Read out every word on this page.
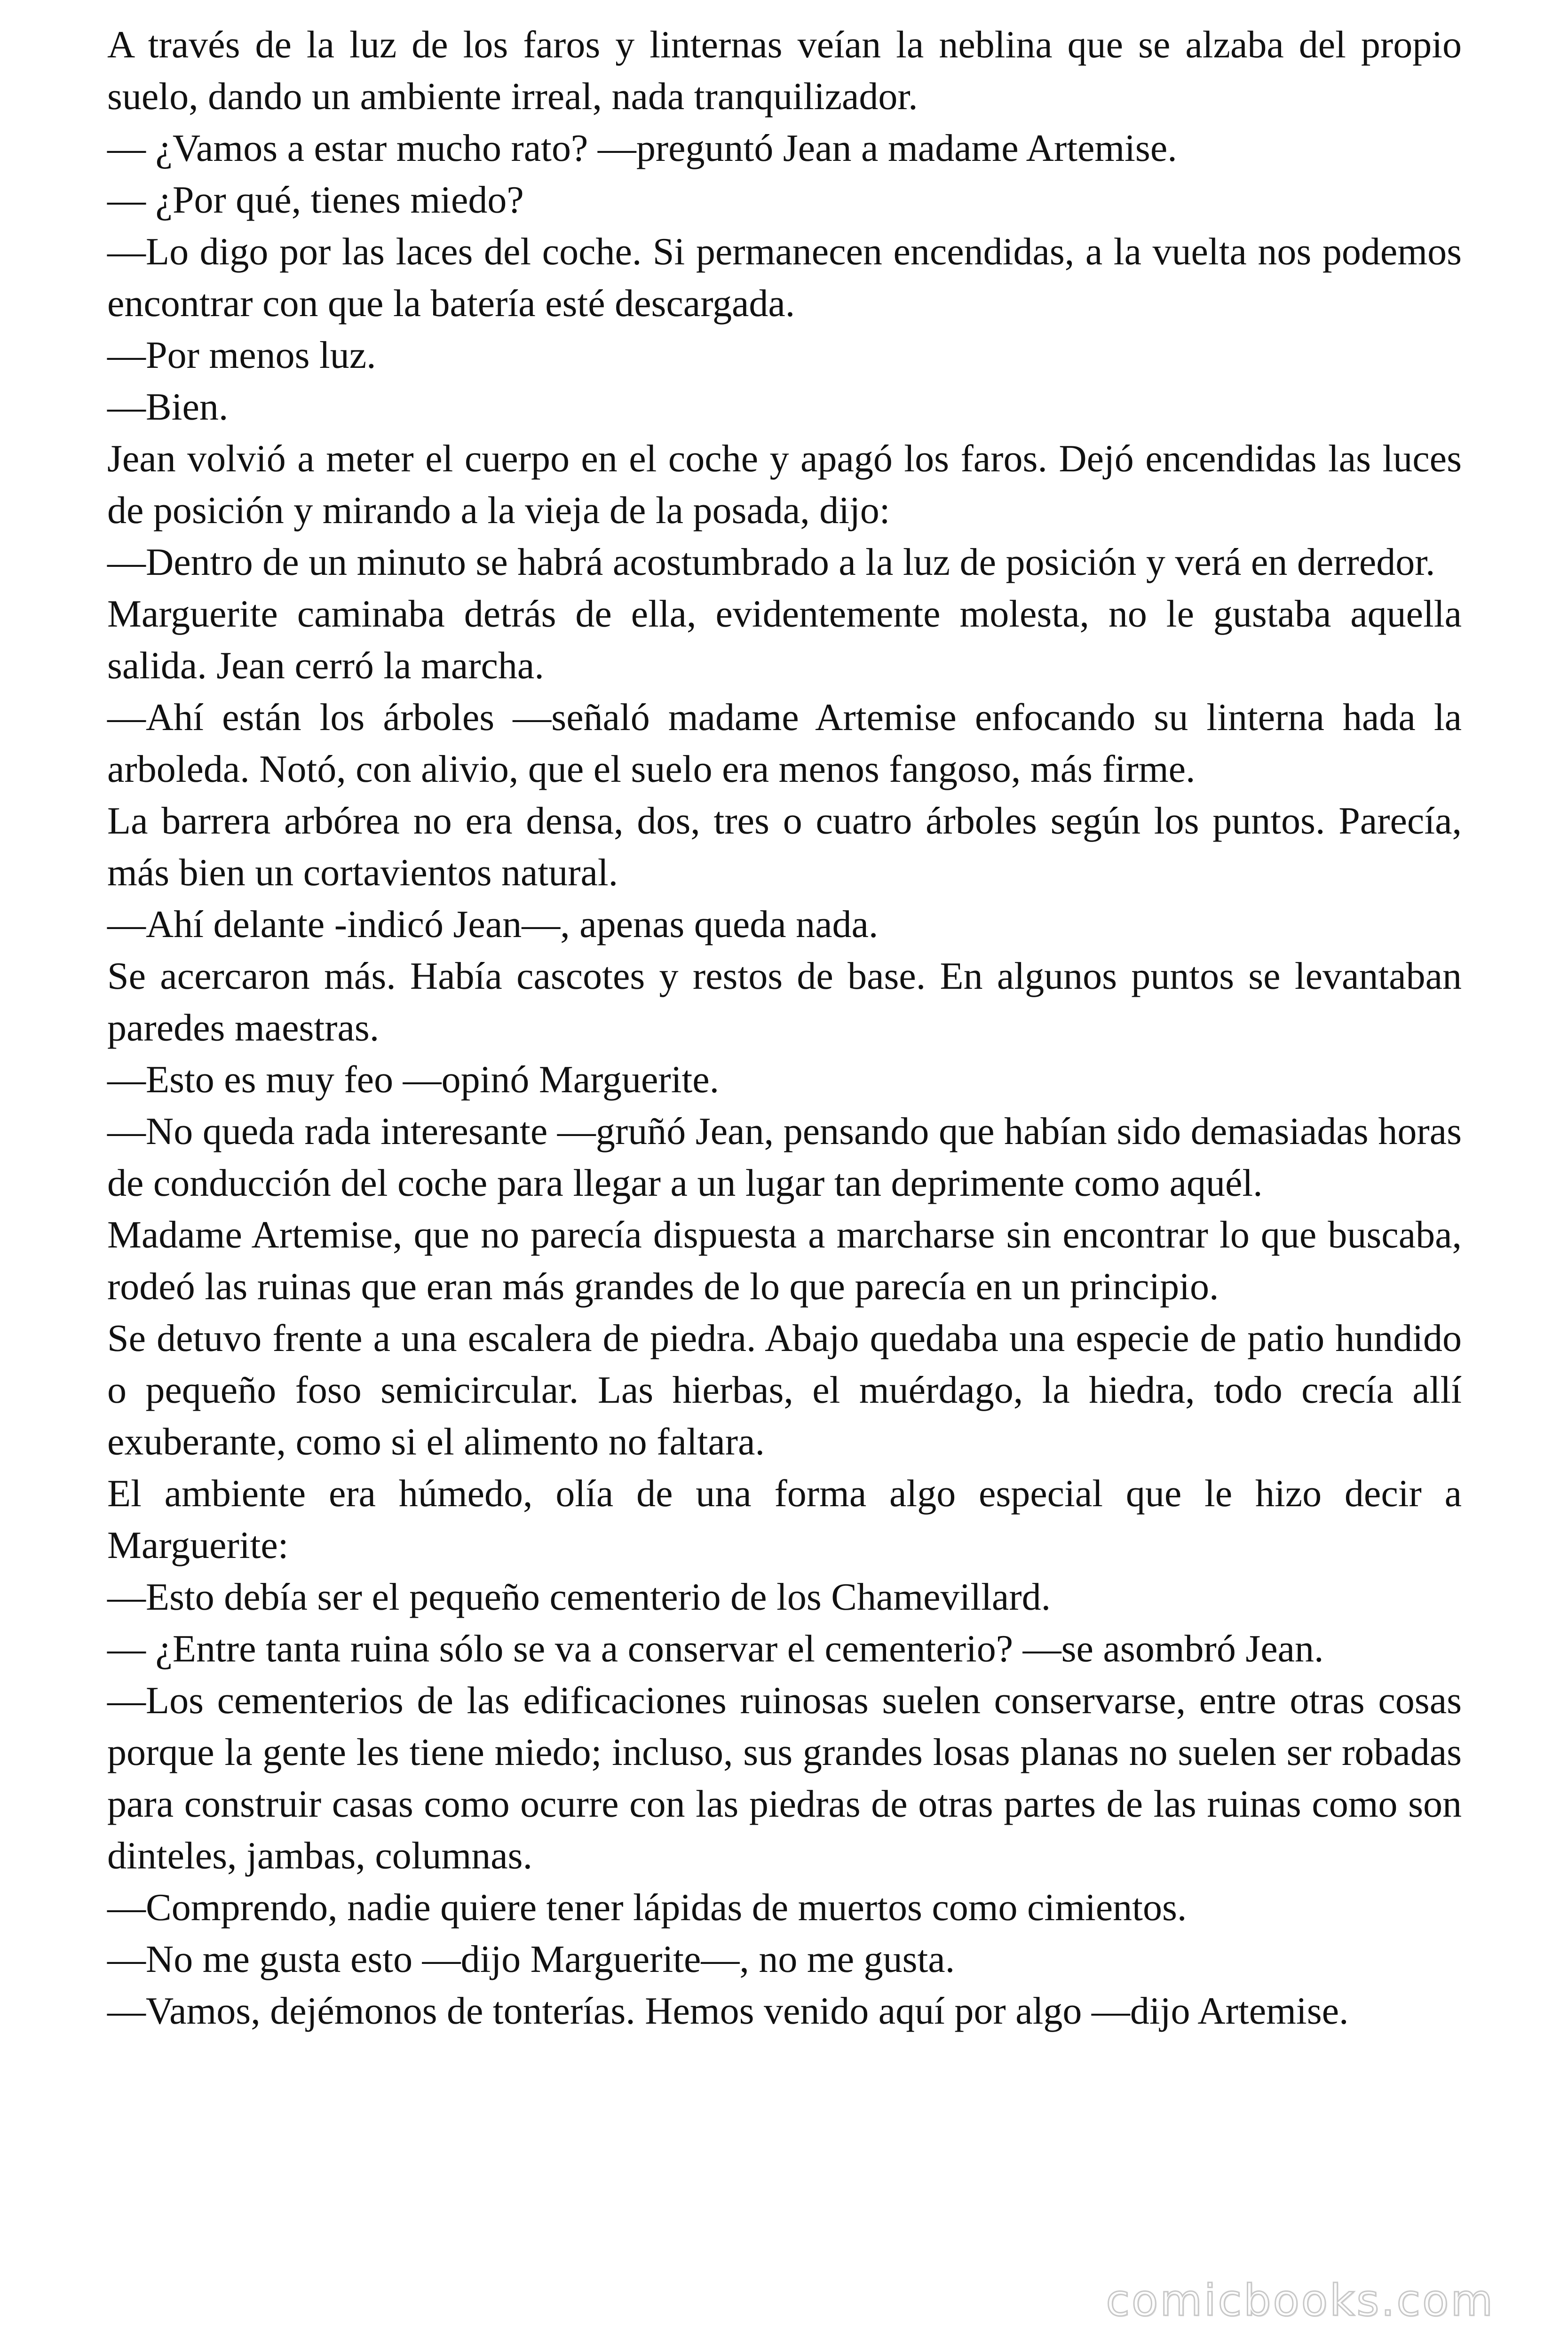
A través de la luz de los faros y linternas veían la neblina que se alzaba del propio suelo, dando un ambiente irreal, nada tranquilizador.

— ¿Vamos a estar mucho rato? —preguntó Jean a madame Artemise.

— ¿Por qué, tienes miedo?

—Lo digo por las laces del coche. Si permanecen encendidas, a la vuelta nos podemos encontrar con que la batería esté descargada.

—Por menos luz.

—Bien.

Jean volvió a meter el cuerpo en el coche y apagó los faros. Dejó encendidas las luces de posición y mirando a la vieja de la posada, dijo:

—Dentro de un minuto se habrá acostumbrado a la luz de posición y verá en derredor.

Marguerite caminaba detrás de ella, evidentemente molesta, no le gustaba aquella salida. Jean cerró la marcha.

—Ahí están los árboles —señaló madame Artemise enfocando su linterna hada la arboleda. Notó, con alivio, que el suelo era menos fangoso, más firme.

La barrera arbórea no era densa, dos, tres o cuatro árboles según los puntos. Parecía, más bien un cortavientos natural.

—Ahí delante -indicó Jean—, apenas queda nada.

Se acercaron más. Había cascotes y restos de base. En algunos puntos se levantaban paredes maestras.

—Esto es muy feo —opinó Marguerite.

—No queda rada interesante —gruñó Jean, pensando que habían sido demasiadas horas de conducción del coche para llegar a un lugar tan deprimente como aquél.

Madame Artemise, que no parecía dispuesta a marcharse sin encontrar lo que buscaba, rodeó las ruinas que eran más grandes de lo que parecía en un principio.

Se detuvo frente a una escalera de piedra. Abajo quedaba una especie de patio hundido o pequeño foso semicircular. Las hierbas, el muérdago, la hiedra, todo crecía allí exuberante, como si el alimento no faltara.

El ambiente era húmedo, olía de una forma algo especial que le hizo decir a Marguerite:

—Esto debía ser el pequeño cementerio de los Chamevillard.

— ¿Entre tanta ruina sólo se va a conservar el cementerio? —se asombró Jean.

—Los cementerios de las edificaciones ruinosas suelen conservarse, entre otras cosas porque la gente les tiene miedo; incluso, sus grandes losas planas no suelen ser robadas para construir casas como ocurre con las piedras de otras partes de las ruinas como son dinteles, jambas, columnas.

—Comprendo, nadie quiere tener lápidas de muertos como cimientos.

—No me gusta esto —dijo Marguerite—, no me gusta.

—Vamos, dejémonos de tonterías. Hemos venido aquí por algo —dijo Artemise.

comicbooks.com
